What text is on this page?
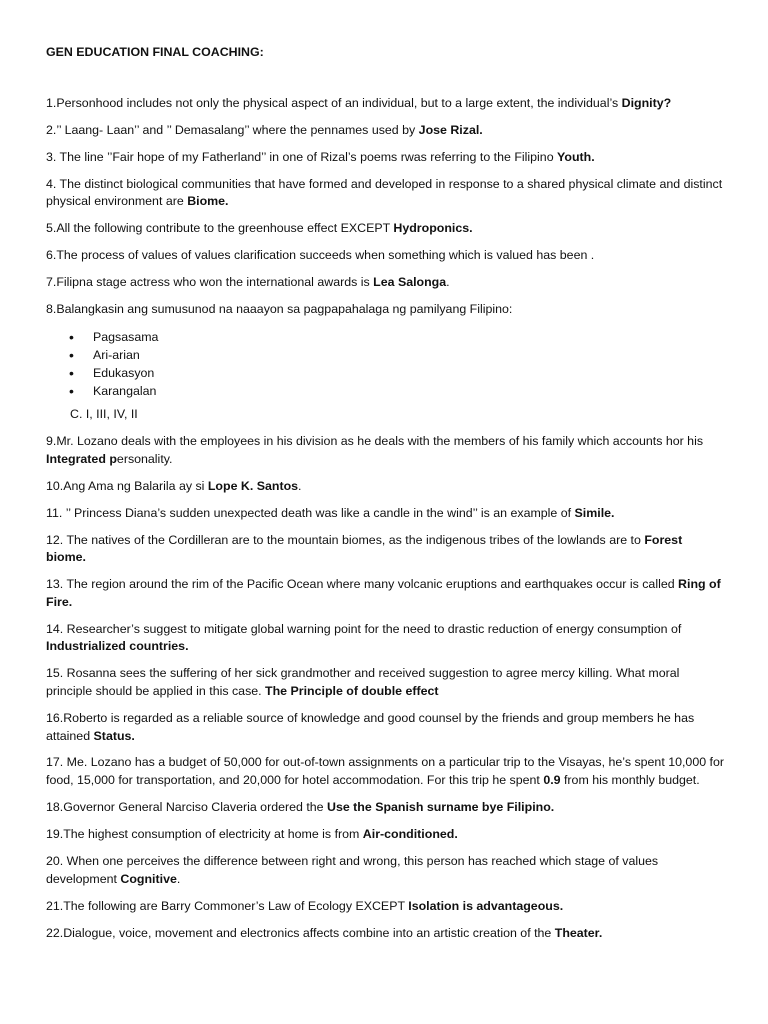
GEN EDUCATION FINAL COACHING:
1.Personhood includes not only the physical aspect of an individual, but to a large extent, the individual’s Dignity?
2.’’ Laang- Laan’’ and ’’ Demasalang’’ where the pennames used by Jose Rizal.
3. The line ’’Fair hope of my Fatherland’’ in one of Rizal’s poems rwas referring to the Filipino Youth.
4. The distinct biological communities that have formed and developed in response to a shared physical climate and distinct physical environment are Biome.
5.All the following contribute to the greenhouse effect EXCEPT Hydroponics.
6.The process of values of values clarification succeeds when something which is valued has been .
7.Filipna stage actress who won the international awards is Lea Salonga.
8.Balangkasin ang sumusunod na naaayon sa pagpapahalaga ng pamilyang Filipino:
• Pagsasama
• Ari-arian
• Edukasyon
• Karangalan
C. I, III, IV, II
9.Mr. Lozano deals with the employees in his division as he deals with the members of his family which accounts hor his Integrated personality.
10.Ang Ama ng Balarila ay si Lope K. Santos.
11. ’’ Princess Diana’s sudden unexpected death was like a candle in the wind’’ is an example of Simile.
12. The natives of the Cordilleran are to the mountain biomes, as the indigenous tribes of the lowlands are to Forest biome.
13. The region around the rim of the Pacific Ocean where many volcanic eruptions and earthquakes occur is called Ring of Fire.
14. Researcher’s suggest to mitigate global warning point for the need to drastic reduction of energy consumption of Industrialized countries.
15. Rosanna sees the suffering of her sick grandmother and received suggestion to agree mercy killing. What moral principle should be applied in this case. The Principle of double effect
16.Roberto is regarded as a reliable source of knowledge and good counsel by the friends and group members he has attained Status.
17. Me. Lozano has a budget of 50,000 for out-of-town assignments on a particular trip to the Visayas, he’s spent 10,000 for food, 15,000 for transportation, and 20,000 for hotel accommodation. For this trip he spent 0.9 from his monthly budget.
18.Governor General Narciso Claveria ordered the Use the Spanish surname bye Filipino.
19.The highest consumption of electricity at home is from Air-conditioned.
20. When one perceives the difference between right and wrong, this person has reached which stage of values development Cognitive.
21.The following are Barry Commoner’s Law of Ecology EXCEPT Isolation is advantageous.
22.Dialogue, voice, movement and electronics affects combine into an artistic creation of the Theater.
